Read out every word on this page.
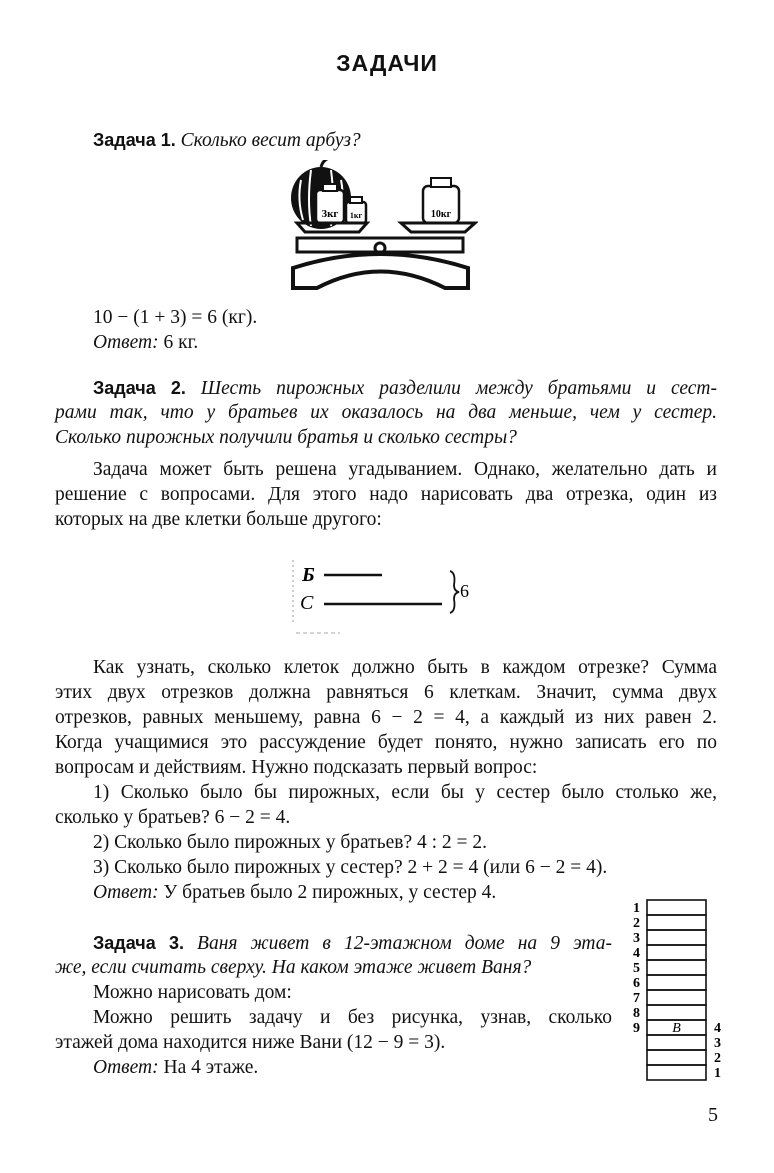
ЗАДАЧИ
Задача 1. Сколько весит арбуз?
10 − (1 + 3) = 6 (кг).
Ответ: 6 кг.
Задача 2. Шесть пирожных разделили между братьями и сест-
рами так, что у братьев их оказалось на два меньше, чем у сестер.
Сколько пирожных получили братья и сколько сестры?
Задача может быть решена угадыванием. Однако, желательно дать и
решение с вопросами. Для этого надо нарисовать два отрезка, один из
которых на две клетки больше другого:
Как узнать, сколько клеток должно быть в каждом отрезке? Сумма
этих двух отрезков должна равняться 6 клеткам. Значит, сумма двух
отрезков, равных меньшему, равна 6 − 2 = 4, а каждый из них равен 2.
Когда учащимися это рассуждение будет понято, нужно записать его по
вопросам и действиям. Нужно подсказать первый вопрос:
1) Сколько было бы пирожных, если бы у сестер было столько же,
сколько у братьев? 6 − 2 = 4.
2) Сколько было пирожных у братьев? 4 : 2 = 2.
3) Сколько было пирожных у сестер? 2 + 2 = 4 (или 6 − 2 = 4).
Ответ: У братьев было 2 пирожных, у сестер 4.
Задача 3. Ваня живет в 12-этажном доме на 9 эта-
же, если считать сверху. На каком этаже живет Ваня?
Можно нарисовать дом:
Можно решить задачу и без рисунка, узнав, сколько
этажей дома находится ниже Вани (12 − 9 = 3).
Ответ: На 4 этаже.
3кг 1кг	10кг
Б
С
6
1
2
3
4
5
6
7
8
9	4
3
2
1
В
5
